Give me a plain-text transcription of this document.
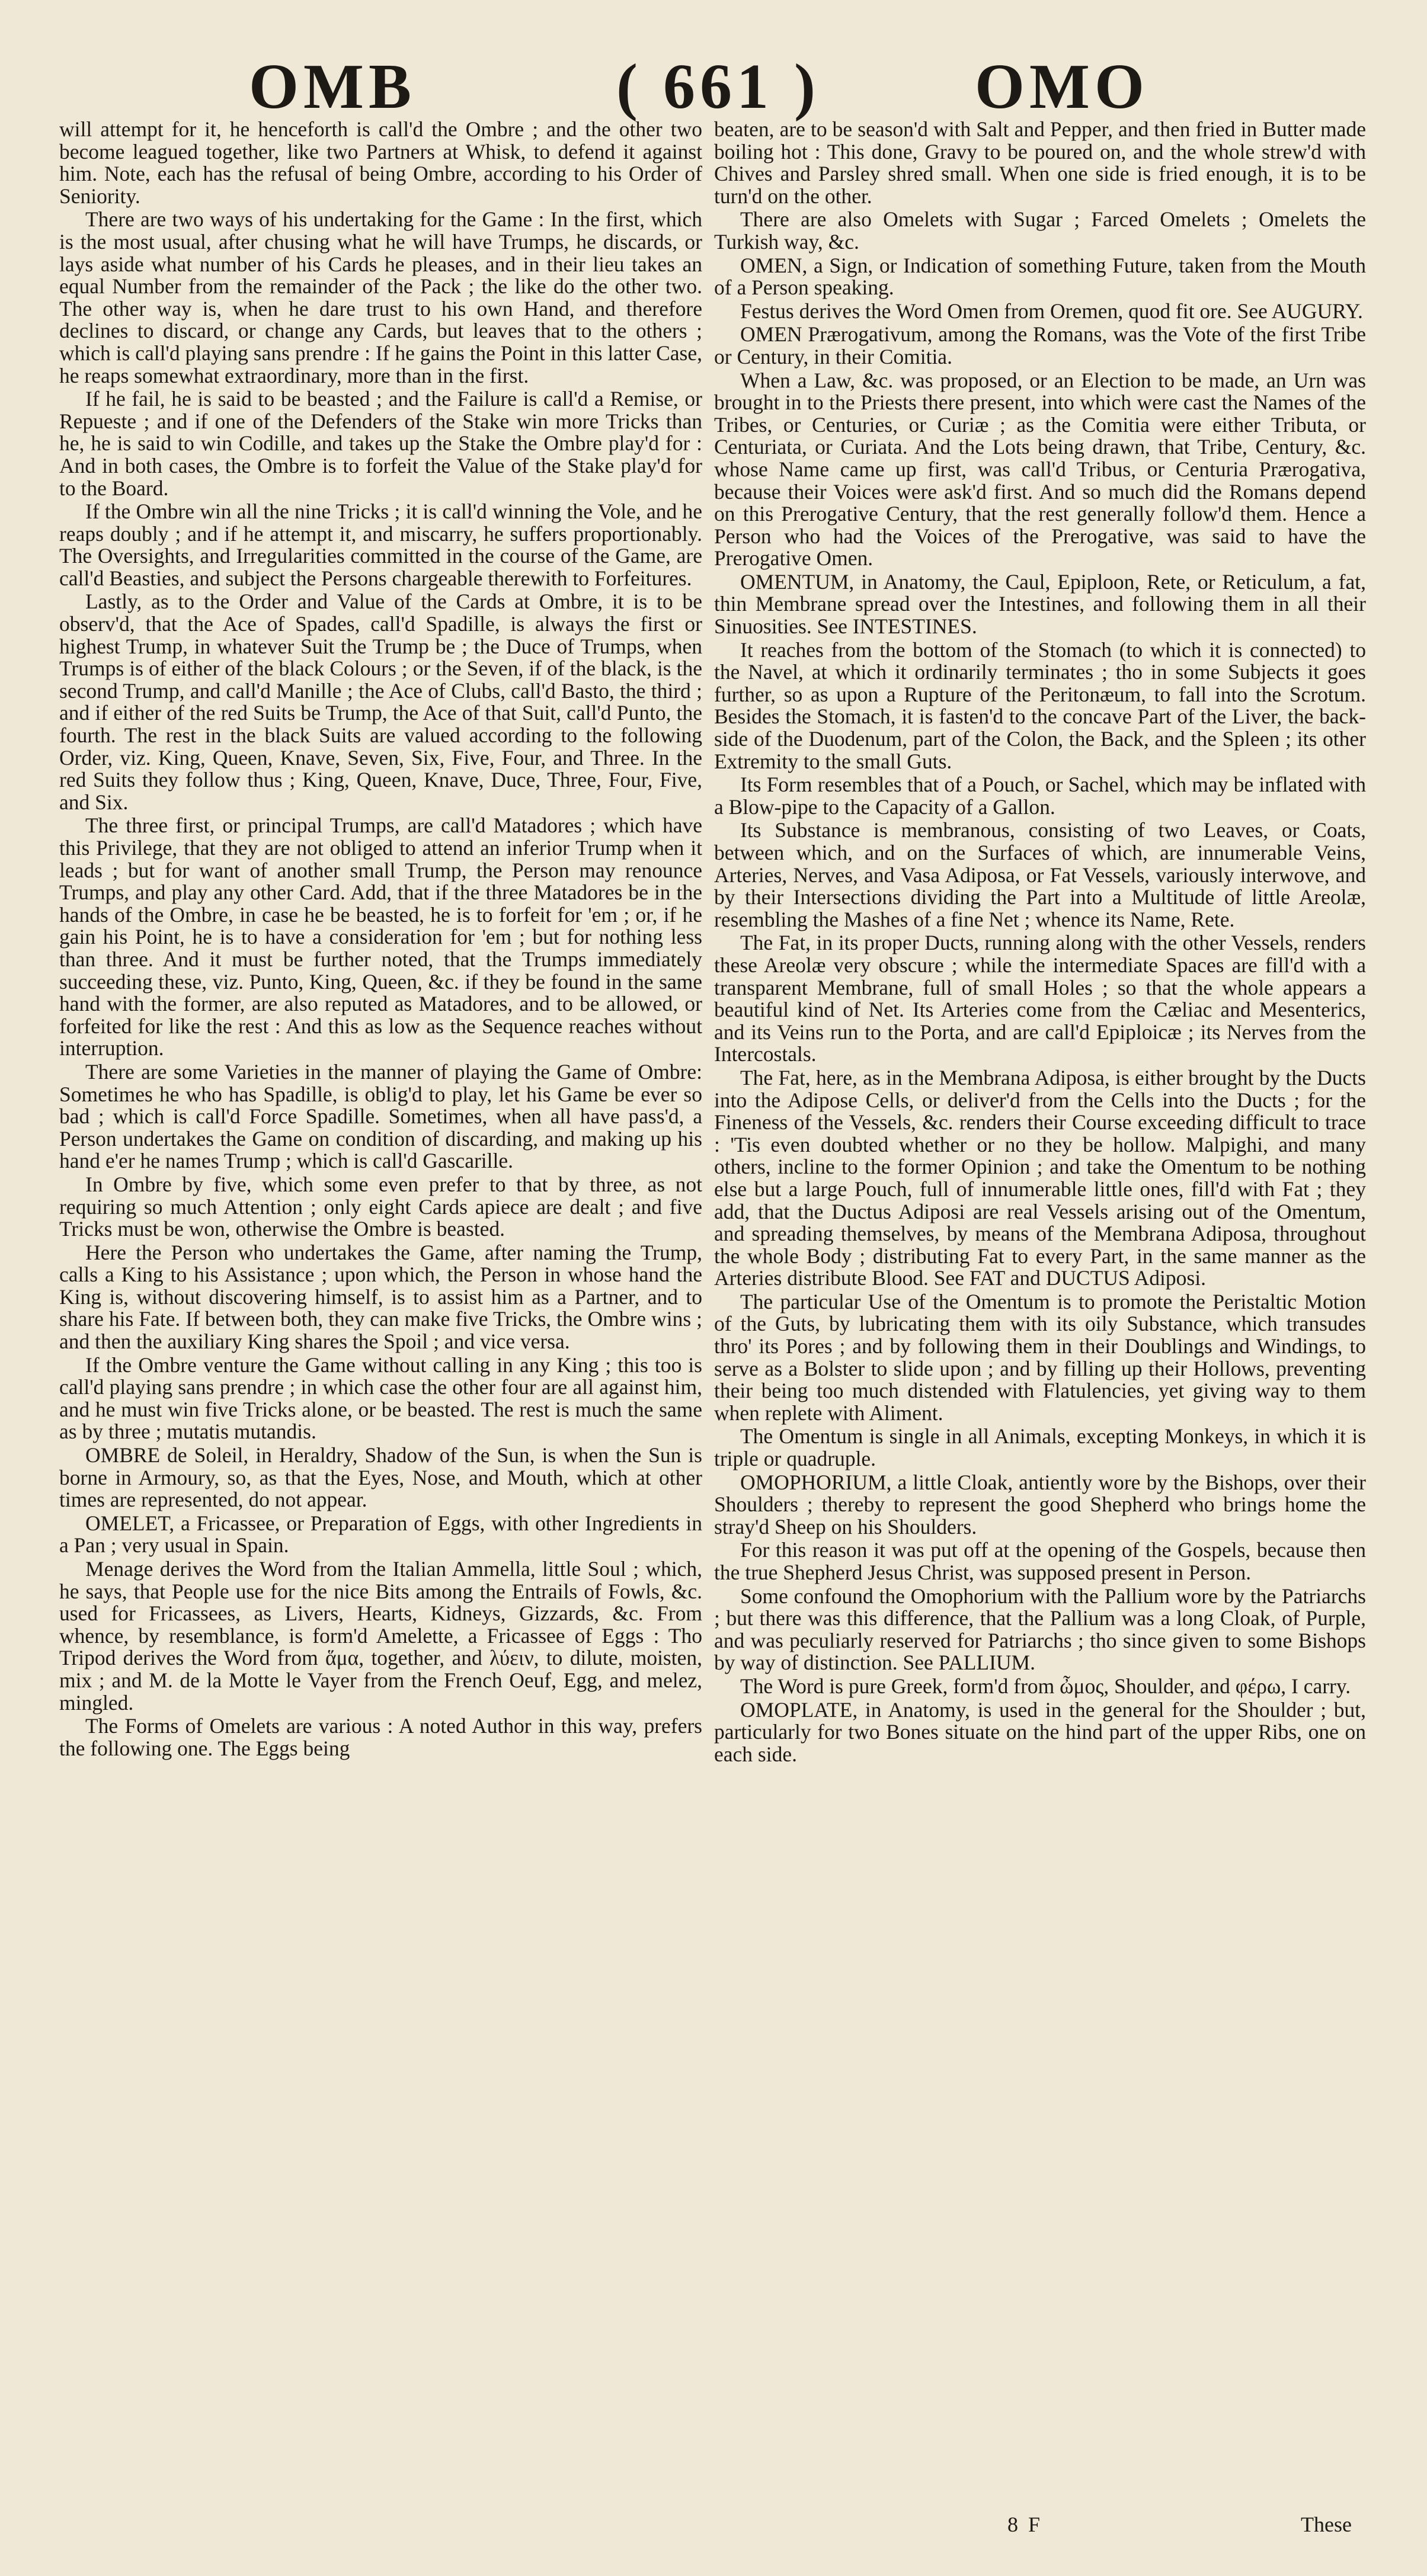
OMB	( 661 ) OMO

will attempt for it, he henceforth is call'd the Ombre ; and the other two become leagued together, like two Partners at Whisk, to defend it against him. Note, each has the refusal of being Ombre, according to his Order of Seniority.

There are two ways of his undertaking for the Game : In the first, which is the most usual, after chusing what he will have Trumps, he discards, or lays aside what number of his Cards he pleases, and in their lieu takes an equal Number from the remainder of the Pack ; the like do the other two. The other way is, when he dare trust to his own Hand, and therefore declines to discard, or change any Cards, but leaves that to the others ; which is call'd playing sans prendre : If he gains the Point in this latter Case, he reaps somewhat extraordinary, more than in the first.

If he fail, he is said to be beasted ; and the Failure is call'd a Remise, or Repueste ; and if one of the Defenders of the Stake win more Tricks than he, he is said to win Codille, and takes up the Stake the Ombre play'd for : And in both cases, the Ombre is to forfeit the Value of the Stake play'd for to the Board.

If the Ombre win all the nine Tricks ; it is call'd winning the Vole, and he reaps doubly ; and if he attempt it, and miscarry, he suffers proportionably. The Oversights, and Irregularities committed in the course of the Game, are call'd Beasties, and subject the Persons chargeable therewith to Forfeitures.

Lastly, as to the Order and Value of the Cards at Ombre, it is to be observ'd, that the Ace of Spades, call'd Spadille, is always the first or highest Trump, in whatever Suit the Trump be ; the Duce of Trumps, when Trumps is of either of the black Colours ; or the Seven, if of the black, is the second Trump, and call'd Manille ; the Ace of Clubs, call'd Basto, the third ; and if either of the red Suits be Trump, the Ace of that Suit, call'd Punto, the fourth. The rest in the black Suits are valued according to the following Order, viz. King, Queen, Knave, Seven, Six, Five, Four, and Three. In the red Suits they follow thus ; King, Queen, Knave, Duce, Three, Four, Five, and Six.

The three first, or principal Trumps, are call'd Matadores ; which have this Privilege, that they are not obliged to attend an inferior Trump when it leads ; but for want of another small Trump, the Person may renounce Trumps, and play any other Card. Add, that if the three Matadores be in the hands of the Ombre, in case he be beasted, he is to forfeit for 'em ; or, if he gain his Point, he is to have a consideration for 'em ; but for nothing less than three. And it must be further noted, that the Trumps immediately succeeding these, viz. Punto, King, Queen, &c. if they be found in the same hand with the former, are also reputed as Matadores, and to be allowed, or forfeited for like the rest : And this as low as the Sequence reaches without interruption.

There are some Varieties in the manner of playing the Game of Ombre: Sometimes he who has Spadille, is oblig'd to play, let his Game be ever so bad ; which is call'd Force Spadille. Sometimes, when all have pass'd, a Person undertakes the Game on condition of discarding, and making up his hand e'er he names Trump ; which is call'd Gascarille.

In Ombre by five, which some even prefer to that by three, as not requiring so much Attention ; only eight Cards apiece are dealt ; and five Tricks must be won, otherwise the Ombre is beasted.

Here the Person who undertakes the Game, after naming the Trump, calls a King to his Assistance ; upon which, the Person in whose hand the King is, without discovering himself, is to assist him as a Partner, and to share his Fate. If between both, they can make five Tricks, the Ombre wins ; and then the auxiliary King shares the Spoil ; and vice versa.

If the Ombre venture the Game without calling in any King ; this too is call'd playing sans prendre ; in which case the other four are all against him, and he must win five Tricks alone, or be beasted. The rest is much the same as by three ; mutatis mutandis.

OMBRE de Soleil, in Heraldry, Shadow of the Sun, is when the Sun is borne in Armoury, so, as that the Eyes, Nose, and Mouth, which at other times are represented, do not appear.

OMELET, a Fricassee, or Preparation of Eggs, with other Ingredients in a Pan ; very usual in Spain.

Menage derives the Word from the Italian Ammella, little Soul ; which, he says, that People use for the nice Bits among the Entrails of Fowls, &c. used for Fricassees, as Livers, Hearts, Kidneys, Gizzards, &c. From whence, by resemblance, is form'd Amelette, a Fricassee of Eggs : Tho Tripod derives the Word from ἅμα, together, and λύειν, to dilute, moisten, mix ; and M. de la Motte le Vayer from the French Oeuf, Egg, and melez, mingled.

The Forms of Omelets are various : A noted Author in this way, prefers the following one. The Eggs being

beaten, are to be season'd with Salt and Pepper, and then fried in Butter made boiling hot : This done, Gravy to be poured on, and the whole strew'd with Chives and Parsley shred small. When one side is fried enough, it is to be turn'd on the other.

There are also Omelets with Sugar ; Farced Omelets ; Omelets the Turkish way, &c.

OMEN, a Sign, or Indication of something Future, taken from the Mouth of a Person speaking.

Festus derives the Word Omen from Oremen, quod fit ore. See AUGURY.

OMEN Prærogativum, among the Romans, was the Vote of the first Tribe or Century, in their Comitia.

When a Law, &c. was proposed, or an Election to be made, an Urn was brought in to the Priests there present, into which were cast the Names of the Tribes, or Centuries, or Curiæ ; as the Comitia were either Tributa, or Centuriata, or Curiata. And the Lots being drawn, that Tribe, Century, &c. whose Name came up first, was call'd Tribus, or Centuria Prærogativa, because their Voices were ask'd first. And so much did the Romans depend on this Prerogative Century, that the rest generally follow'd them. Hence a Person who had the Voices of the Prerogative, was said to have the Prerogative Omen.

OMENTUM, in Anatomy, the Caul, Epiploon, Rete, or Reticulum, a fat, thin Membrane spread over the Intestines, and following them in all their Sinuosities. See INTESTINES.

It reaches from the bottom of the Stomach (to which it is connected) to the Navel, at which it ordinarily terminates ; tho in some Subjects it goes further, so as upon a Rupture of the Peritonæum, to fall into the Scrotum. Besides the Stomach, it is fasten'd to the concave Part of the Liver, the back-side of the Duodenum, part of the Colon, the Back, and the Spleen ; its other Extremity to the small Guts.

Its Form resembles that of a Pouch, or Sachel, which may be inflated with a Blow-pipe to the Capacity of a Gallon.

Its Substance is membranous, consisting of two Leaves, or Coats, between which, and on the Surfaces of which, are innumerable Veins, Arteries, Nerves, and Vasa Adiposa, or Fat Vessels, variously interwove, and by their Intersections dividing the Part into a Multitude of little Areolæ, resembling the Mashes of a fine Net ; whence its Name, Rete.

The Fat, in its proper Ducts, running along with the other Vessels, renders these Areolæ very obscure ; while the intermediate Spaces are fill'd with a transparent Membrane, full of small Holes ; so that the whole appears a beautiful kind of Net. Its Arteries come from the Cæliac and Mesenterics, and its Veins run to the Porta, and are call'd Epiploicæ ; its Nerves from the Intercostals.

The Fat, here, as in the Membrana Adiposa, is either brought by the Ducts into the Adipose Cells, or deliver'd from the Cells into the Ducts ; for the Fineness of the Vessels, &c. renders their Course exceeding difficult to trace : 'Tis even doubted whether or no they be hollow. Malpighi, and many others, incline to the former Opinion ; and take the Omentum to be nothing else but a large Pouch, full of innumerable little ones, fill'd with Fat ; they add, that the Ductus Adiposi are real Vessels arising out of the Omentum, and spreading themselves, by means of the Membrana Adiposa, throughout the whole Body ; distributing Fat to every Part, in the same manner as the Arteries distribute Blood. See FAT and DUCTUS Adiposi.

The particular Use of the Omentum is to promote the Peristaltic Motion of the Guts, by lubricating them with its oily Substance, which transudes thro' its Pores ; and by following them in their Doublings and Windings, to serve as a Bolster to slide upon ; and by filling up their Hollows, preventing their being too much distended with Flatulencies, yet giving way to them when replete with Aliment.

The Omentum is single in all Animals, excepting Monkeys, in which it is triple or quadruple.

OMOPHORIUM, a little Cloak, antiently wore by the Bishops, over their Shoulders ; thereby to represent the good Shepherd who brings home the stray'd Sheep on his Shoulders.

For this reason it was put off at the opening of the Gospels, because then the true Shepherd Jesus Christ, was supposed present in Person.

Some confound the Omophorium with the Pallium wore by the Patriarchs ; but there was this difference, that the Pallium was a long Cloak, of Purple, and was peculiarly reserved for Patriarchs ; tho since given to some Bishops by way of distinction. See PALLIUM.

The Word is pure Greek, form'd from ὦμος, Shoulder, and φέρω, I carry.

OMOPLATE, in Anatomy, is used in the general for the Shoulder ; but, particularly for two Bones situate on the hind part of the upper Ribs, one on each side.

8 F	These
